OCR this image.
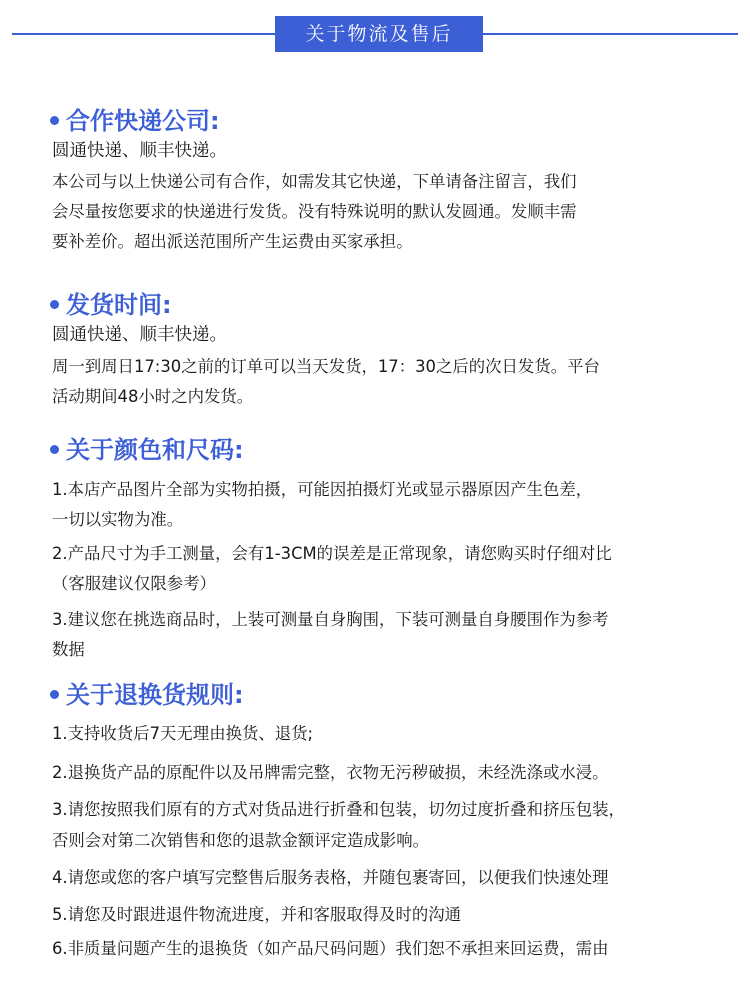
关于物流及售后
合作快递公司:
圆通快递、顺丰快递。
本公司与以上快递公司有合作，如需发其它快递，下单请备注留言，我们
会尽量按您要求的快递进行发货。没有特殊说明的默认发圆通。发顺丰需
要补差价。超出派送范围所产生运费由买家承担。
发货时间:
圆通快递、顺丰快递。
周一到周日17:30之前的订单可以当天发货，17：30之后的次日发货。平台
活动期间48小时之内发货。
关于颜色和尺码:
1.本店产品图片全部为实物拍摄，可能因拍摄灯光或显示器原因产生色差，
一切以实物为准。
2.产品尺寸为手工测量，会有1-3CM的误差是正常现象，请您购买时仔细对比
（客服建议仅限参考）
3.建议您在挑选商品时，上装可测量自身胸围，下装可测量自身腰围作为参考
数据
关于退换货规则:
1.支持收货后7天无理由换货、退货;
2.退换货产品的原配件以及吊牌需完整，衣物无污秽破损，未经洗涤或水浸。
3.请您按照我们原有的方式对货品进行折叠和包装，切勿过度折叠和挤压包装，
否则会对第二次销售和您的退款金额评定造成影响。
4.请您或您的客户填写完整售后服务表格，并随包裹寄回，以便我们快速处理
5.请您及时跟进退件物流进度，并和客服取得及时的沟通
6.非质量问题产生的退换货（如产品尺码问题）我们恕不承担来回运费，需由
